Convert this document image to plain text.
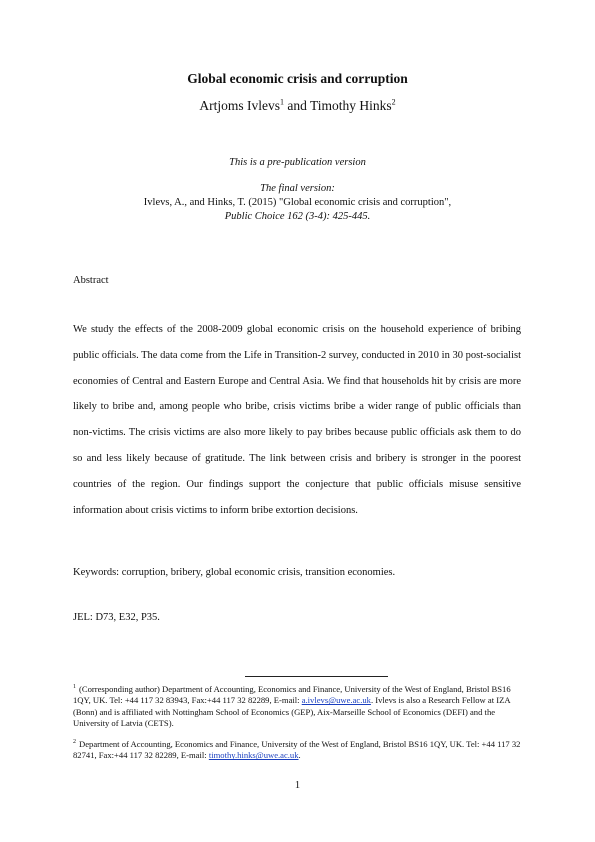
Global economic crisis and corruption
Artjoms Ivlevs$^1$ and Timothy Hinks$^2$
This is a pre-publication version
The final version:
Ivlevs, A., and Hinks, T. (2015) "Global economic crisis and corruption",
Public Choice 162 (3-4): 425-445.
Abstract
We study the effects of the 2008-2009 global economic crisis on the household experience of bribing public officials. The data come from the Life in Transition-2 survey, conducted in 2010 in 30 post-socialist economies of Central and Eastern Europe and Central Asia. We find that households hit by crisis are more likely to bribe and, among people who bribe, crisis victims bribe a wider range of public officials than non-victims. The crisis victims are also more likely to pay bribes because public officials ask them to do so and less likely because of gratitude. The link between crisis and bribery is stronger in the poorest countries of the region. Our findings support the conjecture that public officials misuse sensitive information about crisis victims to inform bribe extortion decisions.
Keywords: corruption, bribery, global economic crisis, transition economies.
JEL: D73, E32, P35.
$^1$ (Corresponding author) Department of Accounting, Economics and Finance, University of the West of England, Bristol BS16 1QY, UK. Tel: +44 117 32 83943, Fax:+44 117 32 82289, E-mail: a.ivlevs@uwe.ac.uk. Ivlevs is also a Research Fellow at IZA (Bonn) and is affiliated with Nottingham School of Economics (GEP), Aix-Marseille School of Economics (DEFI) and the University of Latvia (CETS).
$^2$ Department of Accounting, Economics and Finance, University of the West of England, Bristol BS16 1QY, UK. Tel: +44 117 32 82741, Fax:+44 117 32 82289, E-mail: timothy.hinks@uwe.ac.uk.
1
